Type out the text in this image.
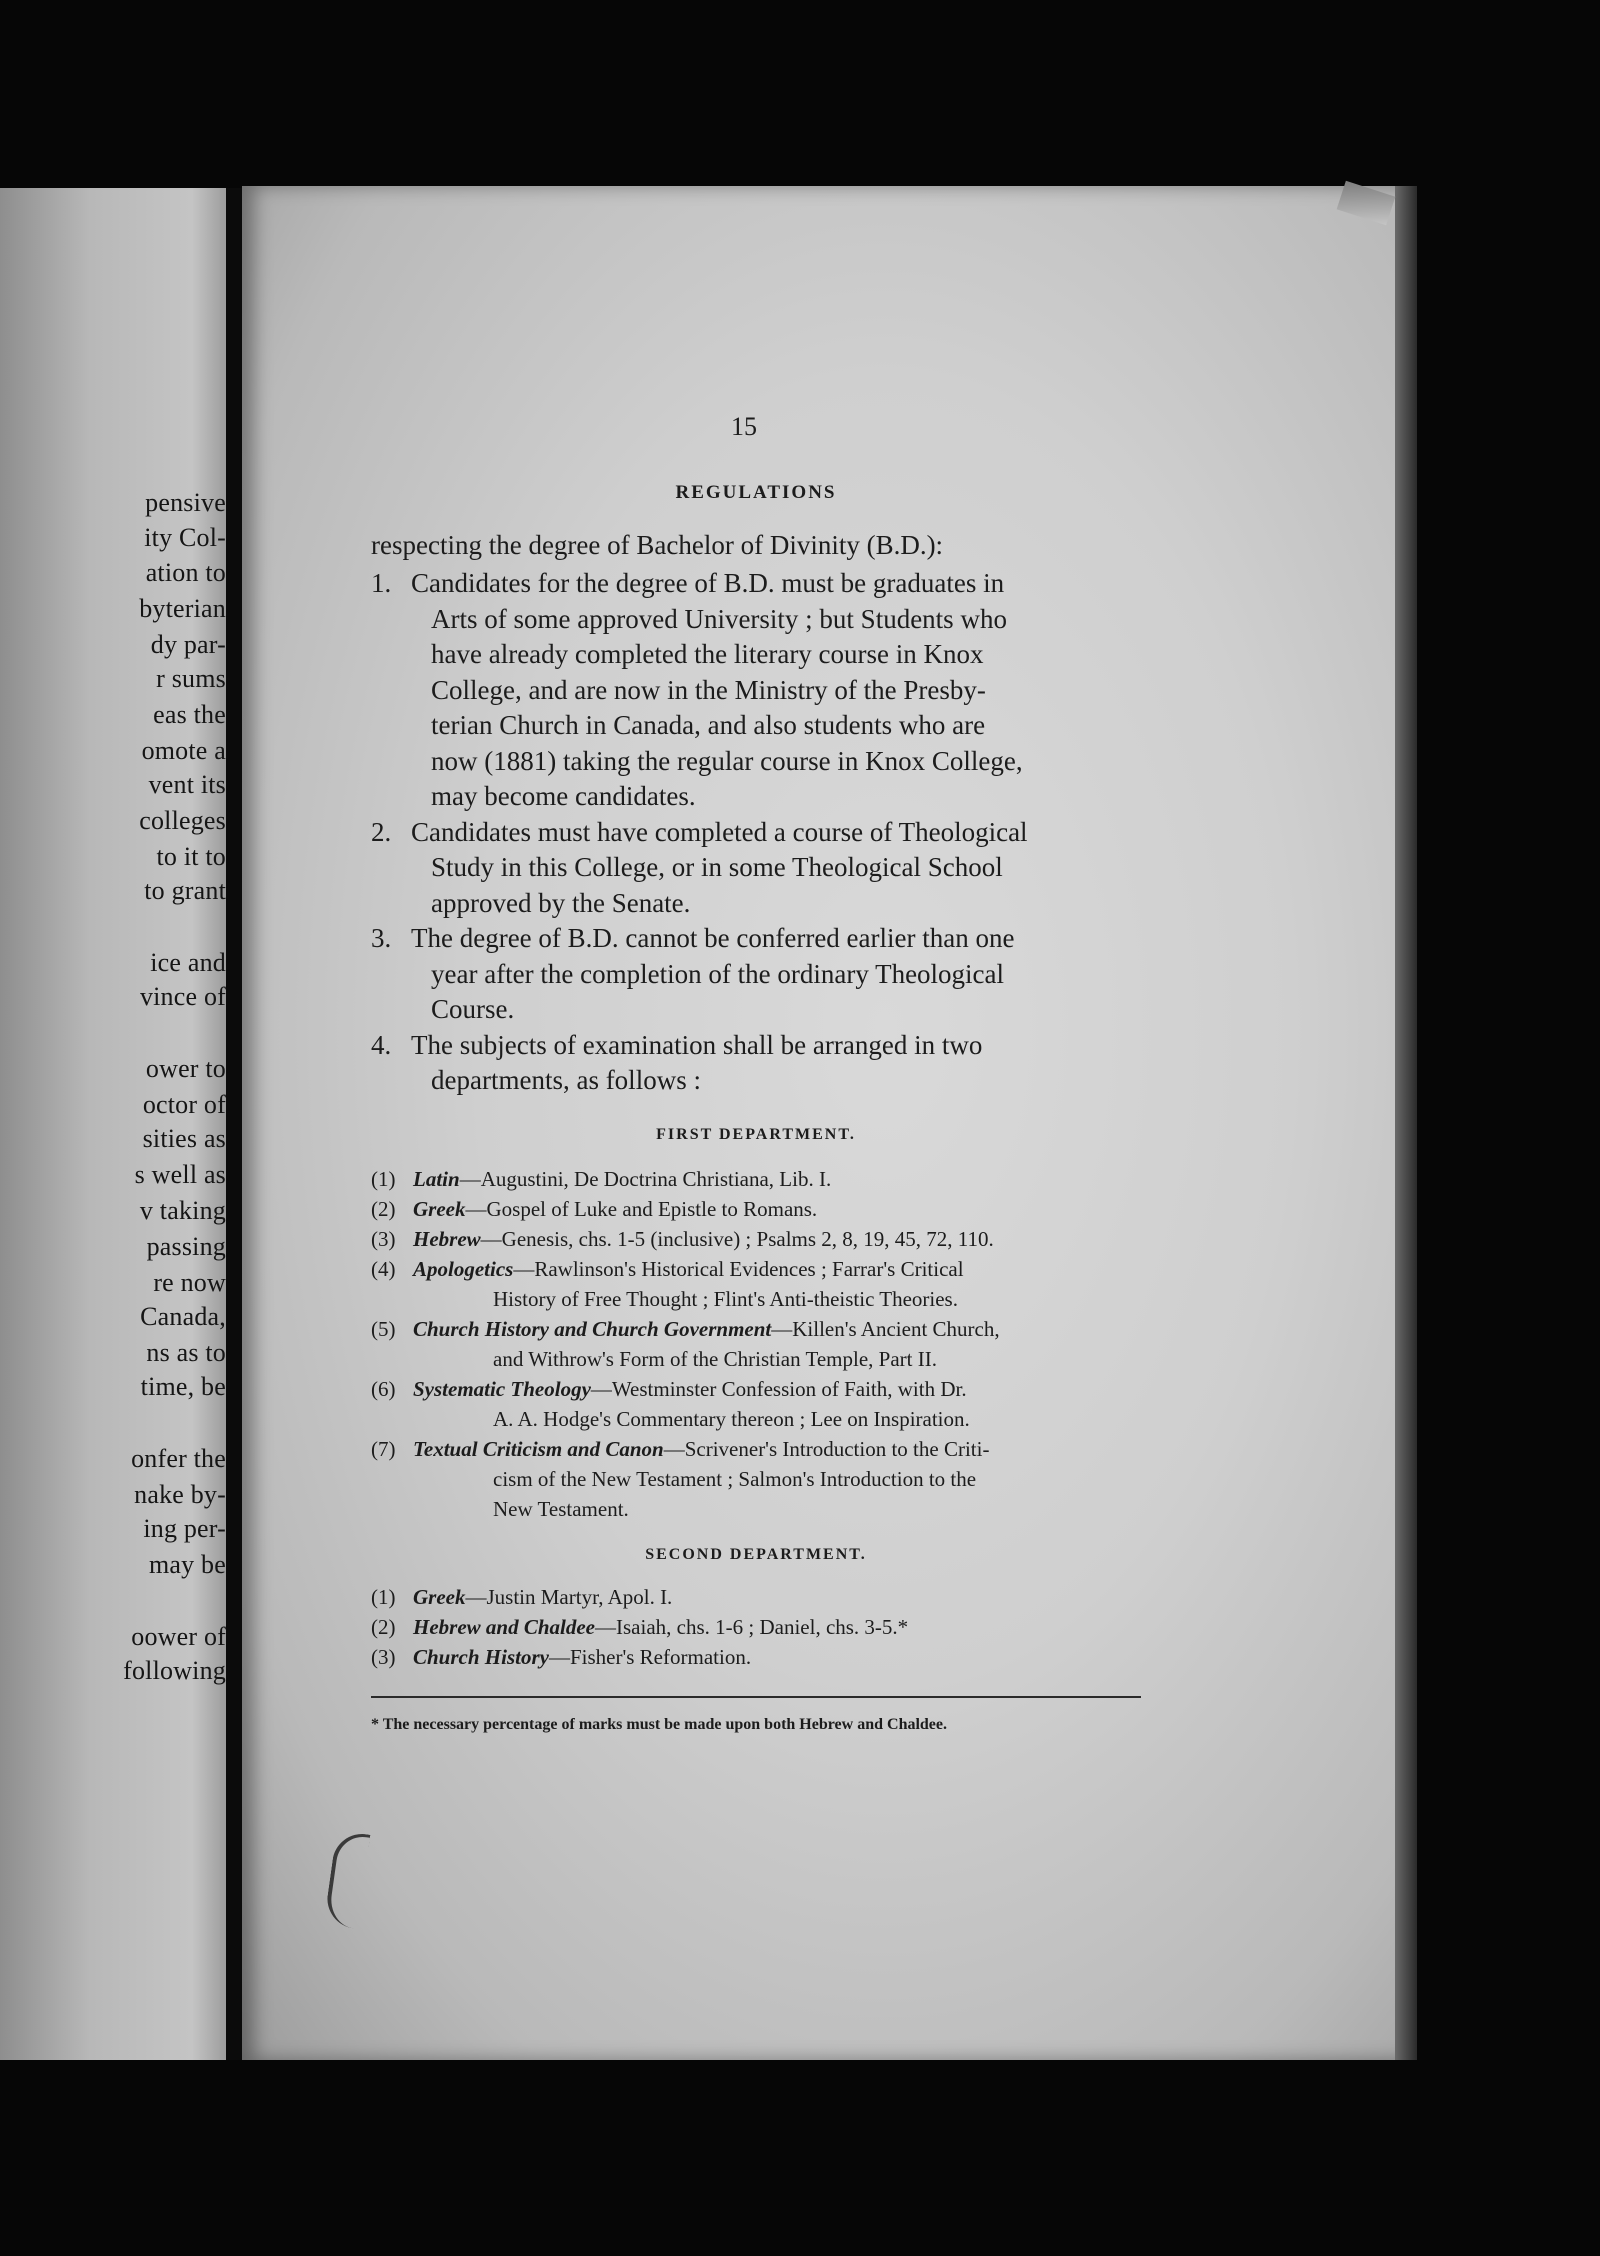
pensive
ity Col-
ation to
byterian
dy par-
r sums
eas the
omote a
vent its
colleges
to it to
to grant
ice and
vince of
ower to
octor of
sities as
s well as
v taking
passing
re now
Canada,
ns as to
time, be
onfer the
nake by-
ing per-
may be
oower of
following
15
REGULATIONS
respecting the degree of Bachelor of Divinity (B.D.):
1. Candidates for the degree of B.D. must be graduates in
Arts of some approved University ; but Students who
have already completed the literary course in Knox
College, and are now in the Ministry of the Presby-
terian Church in Canada, and also students who are
now (1881) taking the regular course in Knox College,
may become candidates.
2. Candidates must have completed a course of Theological
Study in this College, or in some Theological School
approved by the Senate.
3. The degree of B.D. cannot be conferred earlier than one
year after the completion of the ordinary Theological
Course.
4. The subjects of examination shall be arranged in two
departments, as follows :
FIRST DEPARTMENT.
(1) Latin—Augustini, De Doctrina Christiana, Lib. I.
(2) Greek—Gospel of Luke and Epistle to Romans.
(3) Hebrew—Genesis, chs. 1-5 (inclusive) ; Psalms 2, 8, 19, 45, 72, 110.
(4) Apologetics—Rawlinson's Historical Evidences ; Farrar's Critical
History of Free Thought ; Flint's Anti-theistic Theories.
(5) Church History and Church Government—Killen's Ancient Church,
and Withrow's Form of the Christian Temple, Part II.
(6) Systematic Theology—Westminster Confession of Faith, with Dr.
A. A. Hodge's Commentary thereon ; Lee on Inspiration.
(7) Textual Criticism and Canon—Scrivener's Introduction to the Criti-
cism of the New Testament ; Salmon's Introduction to the
New Testament.
SECOND DEPARTMENT.
(1) Greek—Justin Martyr, Apol. I.
(2) Hebrew and Chaldee—Isaiah, chs. 1-6 ; Daniel, chs. 3-5.*
(3) Church History—Fisher's Reformation.
* The necessary percentage of marks must be made upon both Hebrew and Chaldee.
